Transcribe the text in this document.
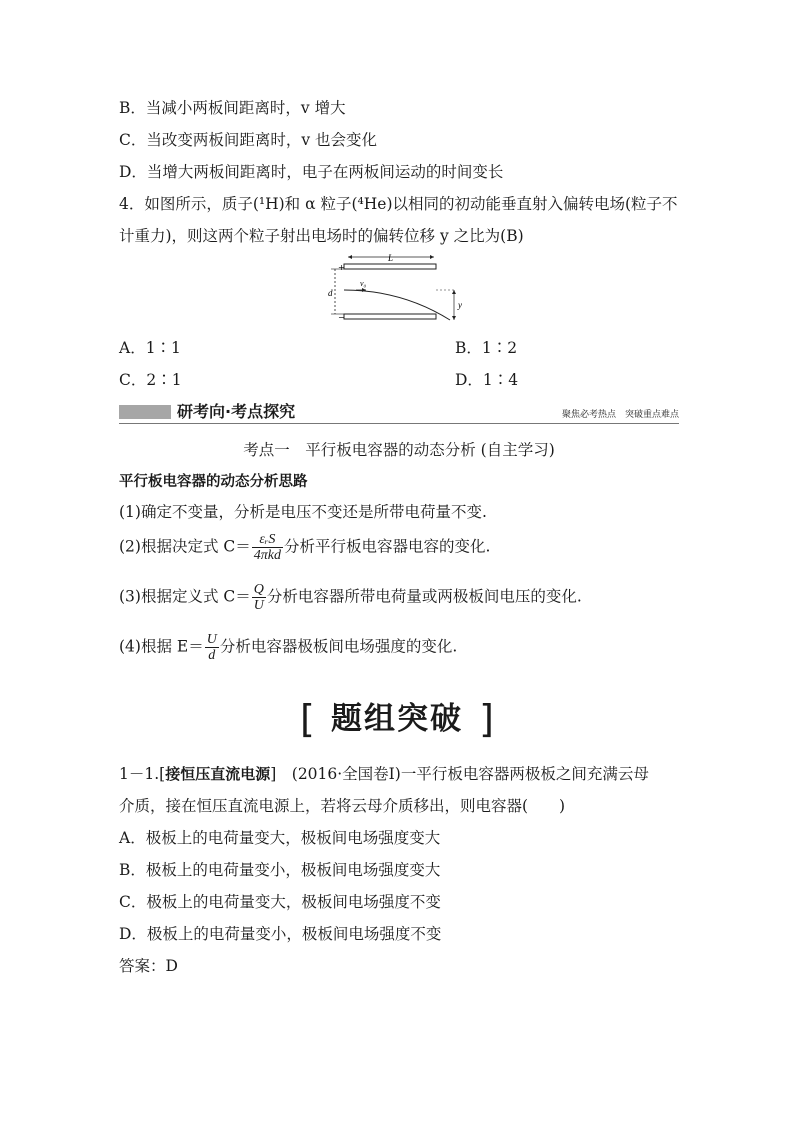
B．当减小两板间距离时，v 增大
C．当改变两板间距离时，v 也会变化
D．当增大两板间距离时，电子在两板间运动的时间变长
4．如图所示，质子(¹H)和 α 粒子(⁴He)以相同的初动能垂直射入偏转电场(粒子不
计重力)，则这两个粒子射出电场时的偏转位移 y 之比为(B)
+
−
L
d
v₀
y
A．1∶1	B．1∶2
C．2∶1	D．1∶4
研考向·考点探究	聚焦必考热点　突破重点难点
考点一　平行板电容器的动态分析 (自主学习)
平行板电容器的动态分析思路
(1)确定不变量，分析是电压不变还是所带电荷量不变.
(2)根据决定式 $C= \frac{\text{εᵣS}}{\text{4πkd}}$ 分析平行板电容器电容的变化.
(3)根据定义式 $C= \frac{Q}{U}$ 分析电容器所带电荷量或两极板间电压的变化.
(4)根据 $E= \frac{U}{d}$ 分析电容器极板间电场强度的变化.
[ 题组突破 ]
1－1.[接恒压直流电源]　(2016·全国卷Ⅰ)一平行板电容器两极板之间充满云母
介质，接在恒压直流电源上，若将云母介质移出，则电容器(　　)
A．极板上的电荷量变大，极板间电场强度变大
B．极板上的电荷量变小，极板间电场强度变大
C．极板上的电荷量变大，极板间电场强度不变
D．极板上的电荷量变小，极板间电场强度不变
答案：D
